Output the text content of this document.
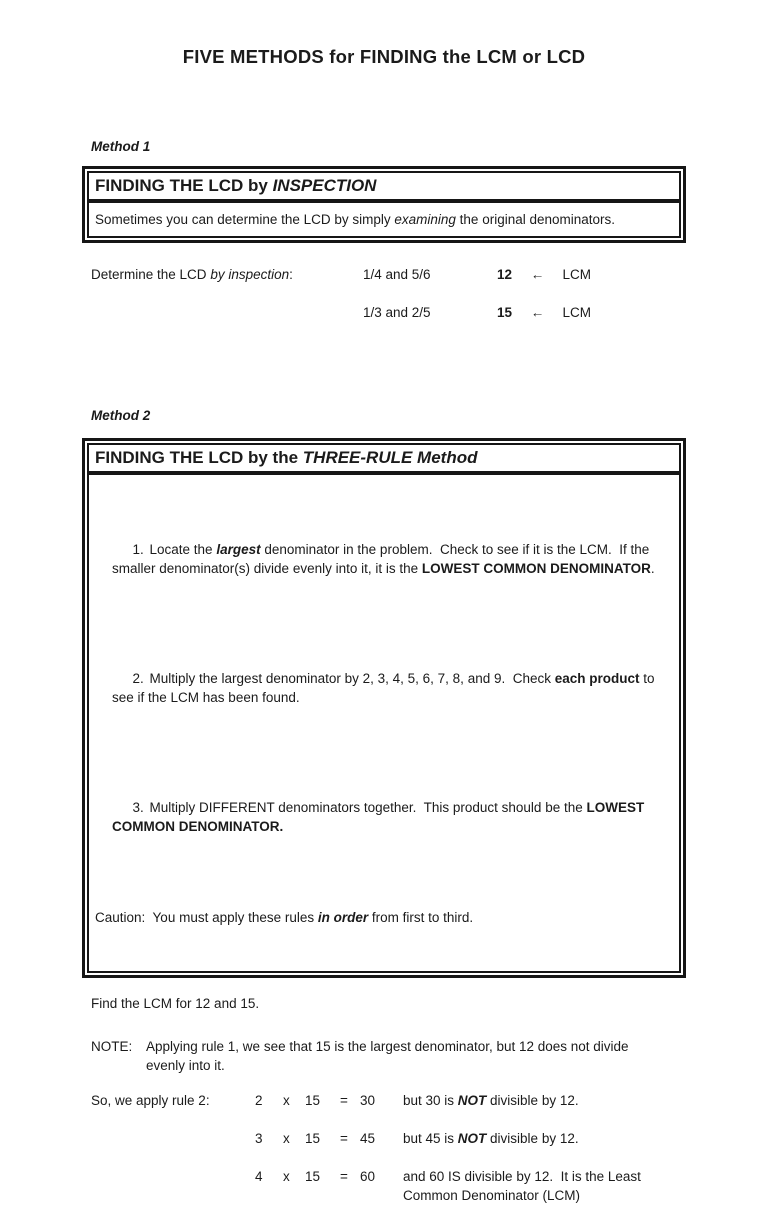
FIVE METHODS for FINDING the LCM or LCD
Method 1
FINDING THE LCD by INSPECTION
Sometimes you can determine the LCD by simply examining the original denominators.
Determine the LCD by inspection:	1/4 and 5/6	12 ← LCM
1/3 and 2/5	15 ← LCM
Method 2
FINDING THE LCD by the THREE-RULE Method

1. Locate the largest denominator in the problem.  Check to see if it is the LCM.  If the smaller denominator(s) divide evenly into it, it is the LOWEST COMMON DENOMINATOR.

2. Multiply the largest denominator by 2, 3, 4, 5, 6, 7, 8, and 9.  Check each product to see if the LCM has been found.

3. Multiply DIFFERENT denominators together.  This product should be the LOWEST COMMON DENOMINATOR.

Caution:  You must apply these rules in order from first to third.

Find the LCM for 12 and 15.
NOTE:	Applying rule 1, we see that 15 is the largest denominator, but 12 does not divide evenly into it.
So, we apply rule 2:	2 x 15 = 30	but 30 is NOT divisible by 12.
3 x 15 = 45	but 45 is NOT divisible by 12.
4 x 15 = 60	and 60 IS divisible by 12.  It is the Least Common Denominator (LCM)
